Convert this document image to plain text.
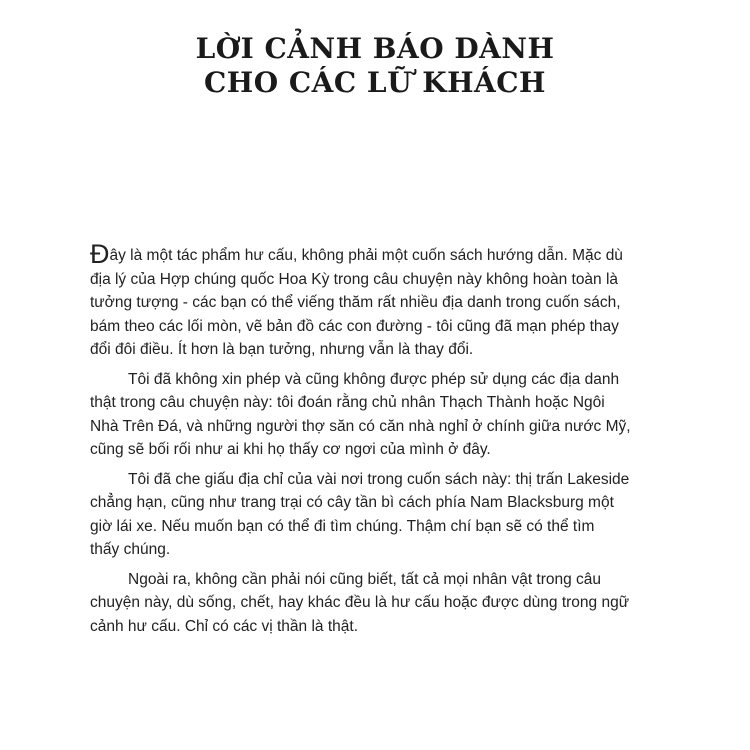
LỜI CẢNH BÁO DÀNH
CHO CÁC LỮ KHÁCH
Đây là một tác phẩm hư cấu, không phải một cuốn sách hướng dẫn. Mặc dù
địa lý của Hợp chúng quốc Hoa Kỳ trong câu chuyện này không hoàn toàn là
tưởng tượng - các bạn có thể viếng thăm rất nhiều địa danh trong cuốn sách,
bám theo các lối mòn, vẽ bản đồ các con đường - tôi cũng đã mạn phép thay
đổi đôi điều. Ít hơn là bạn tưởng, nhưng vẫn là thay đổi.
Tôi đã không xin phép và cũng không được phép sử dụng các địa danh
thật trong câu chuyện này: tôi đoán rằng chủ nhân Thạch Thành hoặc Ngôi
Nhà Trên Đá, và những người thợ săn có căn nhà nghỉ ở chính giữa nước Mỹ,
cũng sẽ bối rối như ai khi họ thấy cơ ngơi của mình ở đây.
Tôi đã che giấu địa chỉ của vài nơi trong cuốn sách này: thị trấn Lakeside
chẳng hạn, cũng như trang trại có cây tần bì cách phía Nam Blacksburg một
giờ lái xe. Nếu muốn bạn có thể đi tìm chúng. Thậm chí bạn sẽ có thể tìm
thấy chúng.
Ngoài ra, không cần phải nói cũng biết, tất cả mọi nhân vật trong câu
chuyện này, dù sống, chết, hay khác đều là hư cấu hoặc được dùng trong ngữ
cảnh hư cấu. Chỉ có các vị thần là thật.
